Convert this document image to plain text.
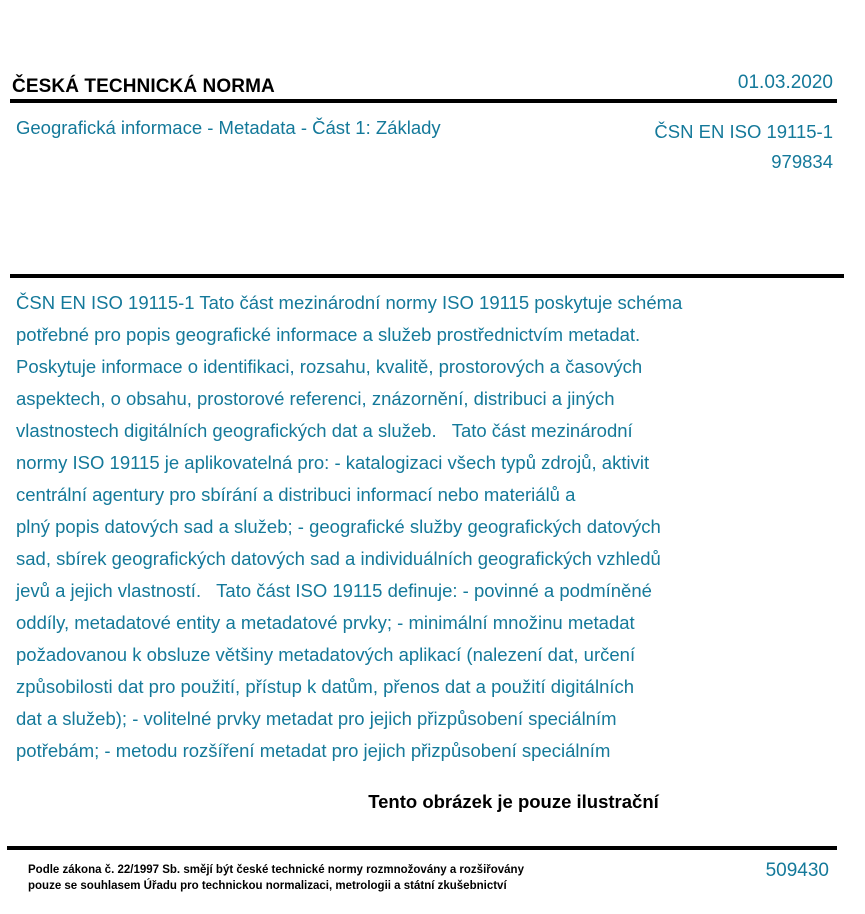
ČESKÁ TECHNICKÁ NORMA	01.03.2020
Geografická informace - Metadata - Část 1: Základy	ČSN EN ISO 19115-1
979834
ČSN EN ISO 19115-1 Tato část mezinárodní normy ISO 19115 poskytuje schéma
potřebné pro popis geografické informace a služeb prostřednictvím metadat.
Poskytuje informace o identifikaci, rozsahu, kvalitě, prostorových a časových
aspektech, o obsahu, prostorové referenci, znázornění, distribuci a jiných
vlastnostech digitálních geografických dat a služeb.   Tato část mezinárodní
normy ISO 19115 je aplikovatelná pro: - katalogizaci všech typů zdrojů, aktivit
centrální agentury pro sbírání a distribuci informací nebo materiálů a
plný popis datových sad a služeb; - geografické služby geografických datových
sad, sbírek geografických datových sad a individuálních geografických vzhledů
jevů a jejich vlastností.   Tato část ISO 19115 definuje: - povinné a podmíněné
oddíly, metadatové entity a metadatové prvky; - minimální množinu metadat
požadovanou k obsluze většiny metadatových aplikací (nalezení dat, určení
způsobilosti dat pro použití, přístup k datům, přenos dat a použití digitálních
dat a služeb); - volitelné prvky metadat pro jejich přizpůsobení speciálním
potřebám; - metodu rozšíření metadat pro jejich přizpůsobení speciálním
Tento obrázek je pouze ilustrační
Podle zákona č. 22/1997 Sb. smějí být české technické normy rozmnožovány a rozšiřovány
pouze se souhlasem Úřadu pro technickou normalizaci, metrologii a státní zkušebnictví
509430
